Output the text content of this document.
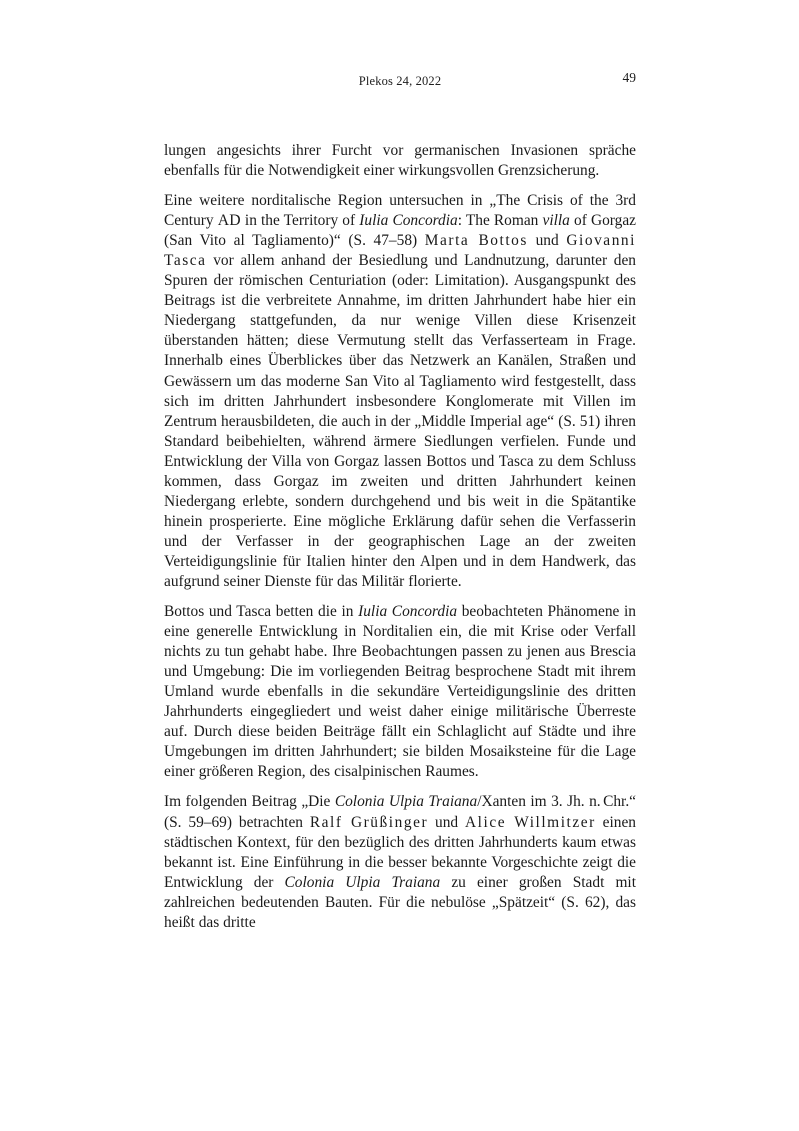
Plekos 24, 2022	49

lungen angesichts ihrer Furcht vor germanischen Invasionen spräche ebenfalls für die Notwendigkeit einer wirkungsvollen Grenzsicherung.

Eine weitere norditalische Region untersuchen in „The Crisis of the 3rd Century AD in the Territory of Iulia Concordia: The Roman villa of Gorgaz (San Vito al Tagliamento)“ (S. 47–58) Marta Bottos und Giovanni Tasca vor allem anhand der Besiedlung und Landnutzung, darunter den Spuren der römischen Centuriation (oder: Limitation). Ausgangspunkt des Beitrags ist die verbreitete Annahme, im dritten Jahrhundert habe hier ein Niedergang stattgefunden, da nur wenige Villen diese Krisenzeit überstanden hätten; diese Vermutung stellt das Verfasserteam in Frage. Innerhalb eines Überblickes über das Netzwerk an Kanälen, Straßen und Gewässern um das moderne San Vito al Tagliamento wird festgestellt, dass sich im dritten Jahrhundert insbesondere Konglomerate mit Villen im Zentrum herausbildeten, die auch in der „Middle Imperial age“ (S. 51) ihren Standard beibehielten, während ärmere Siedlungen verfielen. Funde und Entwicklung der Villa von Gorgaz lassen Bottos und Tasca zu dem Schluss kommen, dass Gorgaz im zweiten und dritten Jahrhundert keinen Niedergang erlebte, sondern durchgehend und bis weit in die Spätantike hinein prosperierte. Eine mögliche Erklärung dafür sehen die Verfasserin und der Verfasser in der geographischen Lage an der zweiten Verteidigungslinie für Italien hinter den Alpen und in dem Handwerk, das aufgrund seiner Dienste für das Militär florierte.

Bottos und Tasca betten die in Iulia Concordia beobachteten Phänomene in eine generelle Entwicklung in Norditalien ein, die mit Krise oder Verfall nichts zu tun gehabt habe. Ihre Beobachtungen passen zu jenen aus Brescia und Umgebung: Die im vorliegenden Beitrag besprochene Stadt mit ihrem Umland wurde ebenfalls in die sekundäre Verteidigungslinie des dritten Jahrhunderts eingegliedert und weist daher einige militärische Überreste auf. Durch diese beiden Beiträge fällt ein Schlaglicht auf Städte und ihre Umgebungen im dritten Jahrhundert; sie bilden Mosaiksteine für die Lage einer größeren Region, des cisalpinischen Raumes.

Im folgenden Beitrag „Die Colonia Ulpia Traiana/Xanten im 3. Jh. n. Chr.“ (S. 59–69) betrachten Ralf Grüßinger und Alice Willmitzer einen städtischen Kontext, für den bezüglich des dritten Jahrhunderts kaum etwas bekannt ist. Eine Einführung in die besser bekannte Vorgeschichte zeigt die Entwicklung der Colonia Ulpia Traiana zu einer großen Stadt mit zahlreichen bedeutenden Bauten. Für die nebulöse „Spätzeit“ (S. 62), das heißt das dritte
